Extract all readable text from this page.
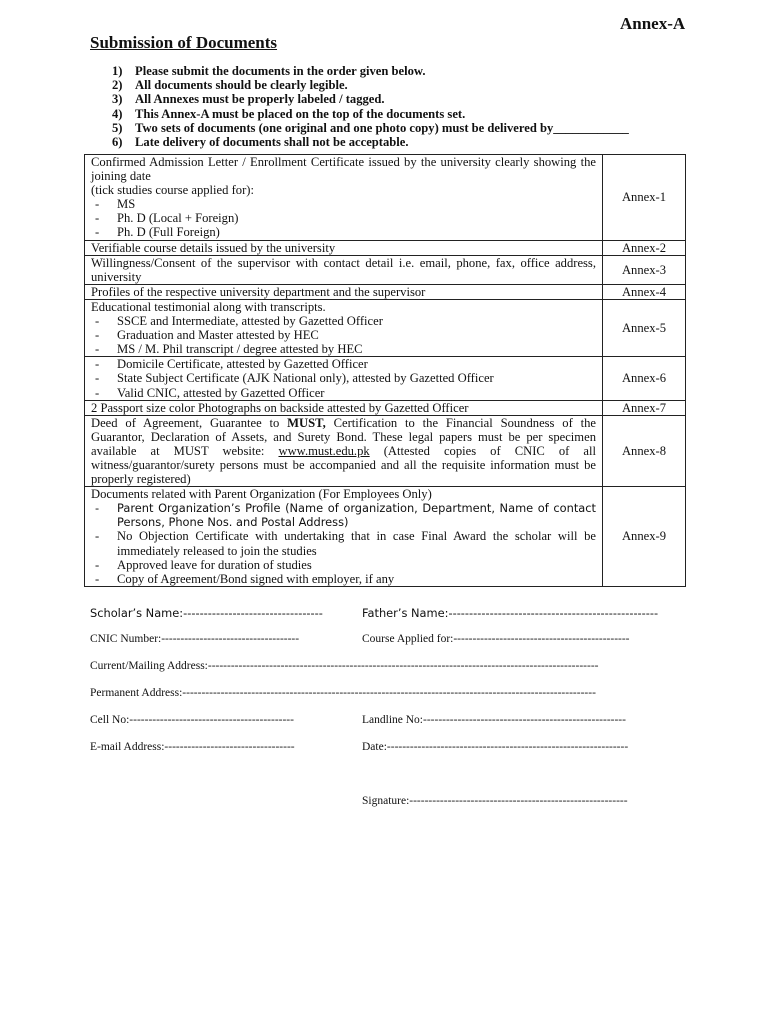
Annex-A
Submission of Documents
1) Please submit the documents in the order given below.
2) All documents should be clearly legible.
3) All Annexes must be properly labeled / tagged.
4) This Annex-A must be placed on the top of the documents set.
5) Two sets of documents (one original and one photo copy) must be delivered by____________
6) Late delivery of documents shall not be acceptable.
Confirmed Admission Letter / Enrollment Certificate issued by the university clearly showing the joining date
(tick studies course applied for):
- MS
- Ph. D (Local + Foreign)
- Ph. D (Full Foreign)	Annex-1
Verifiable course details issued by the university	Annex-2
Willingness/Consent of the supervisor with contact detail i.e. email, phone, fax, office address, university	Annex-3
Profiles of the respective university department and the supervisor	Annex-4
Educational testimonial along with transcripts.
- SSCE and Intermediate, attested by Gazetted Officer
- Graduation and Master attested by HEC
- MS / M. Phil transcript / degree attested by HEC	Annex-5

- Domicile Certificate, attested by Gazetted Officer
- State Subject Certificate (AJK National only), attested by Gazetted Officer
- Valid CNIC, attested by Gazetted Officer	Annex-6
2 Passport size color Photographs on backside attested by Gazetted Officer	Annex-7
Deed of Agreement, Guarantee to MUST, Certification to the Financial Soundness of the Guarantor, Declaration of Assets, and Surety Bond. These legal papers must be per specimen available at MUST website: www.must.edu.pk (Attested copies of CNIC of all witness/guarantor/surety persons must be accompanied and all the requisite information must be properly registered)	Annex-8
Documents related with Parent Organization (For Employees Only)
- Parent Organization’s Profile (Name of organization, Department, Name of contact Persons, Phone Nos. and Postal Address)
- No Objection Certificate with undertaking that in case Final Award the scholar will be immediately released to join the studies
- Approved leave for duration of studies
- Copy of Agreement/Bond signed with employer, if any	Annex-9
Scholar’s Name:----------------------------------	Father’s Name:---------------------------------------------------
CNIC Number:------------------------------------	Course Applied for:----------------------------------------------
Current/Mailing Address:------------------------------------------------------------------------------------------------------
Permanent Address:------------------------------------------------------------------------------------------------------------
Cell No:-------------------------------------------	Landline No:-----------------------------------------------------
E-mail Address:----------------------------------	Date:---------------------------------------------------------------
Signature:---------------------------------------------------------
